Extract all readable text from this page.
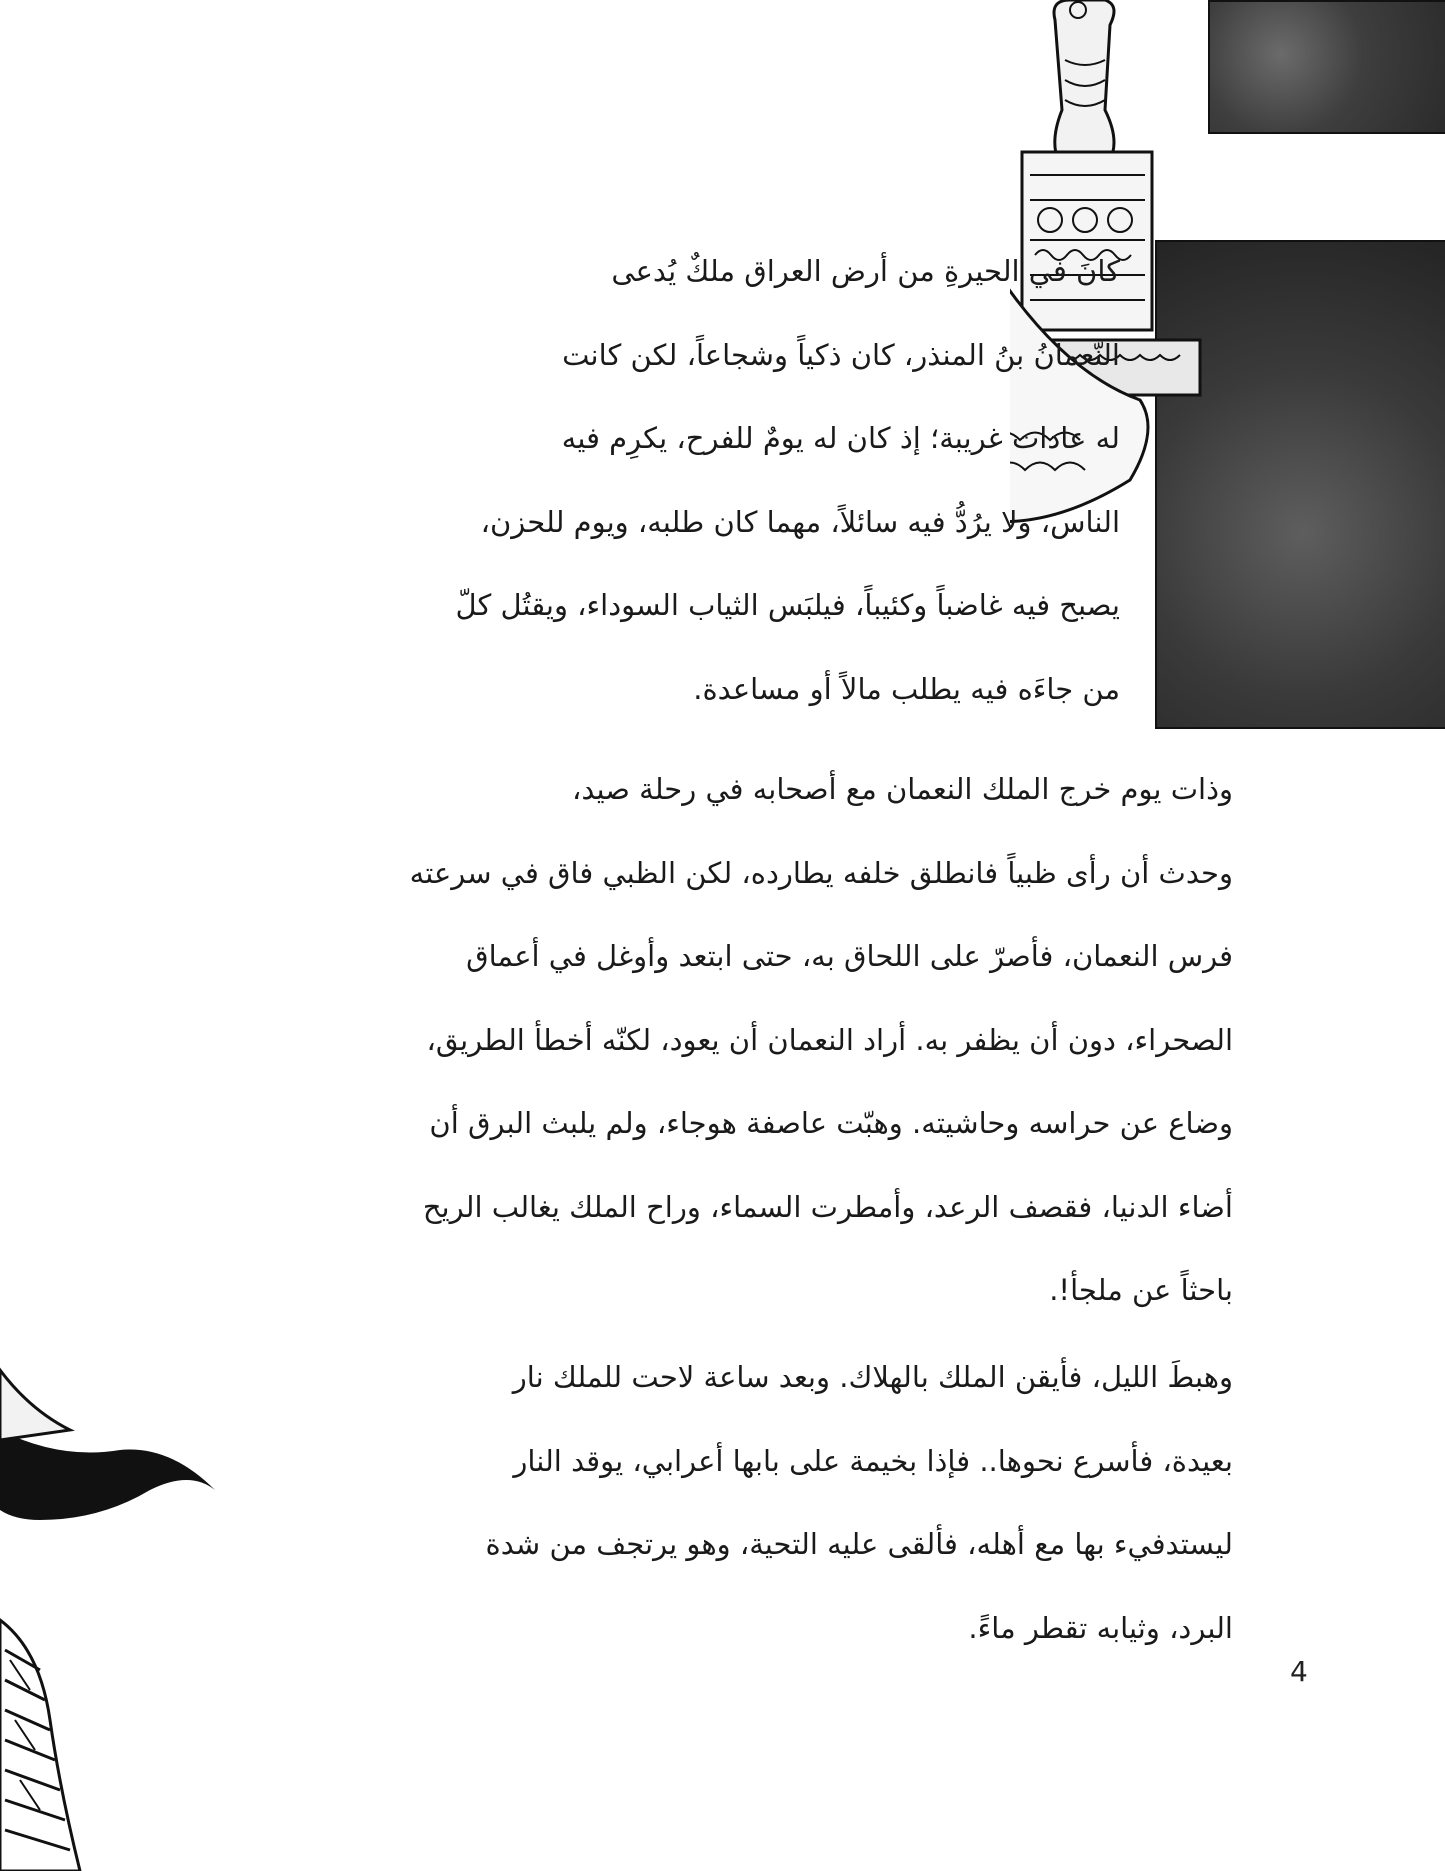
كانَ في الحيرةِ من أرض العراق ملكٌ يُدعى
النّعمانُ بنُ المنذر، كان ذكياً وشجاعاً، لكن كانت
له عادات غريبة؛ إذ كان له يومٌ للفرح، يكرِم فيه
الناس، ولا يرُدُّ فيه سائلاً، مهما كان طلبه، ويوم للحزن،
يصبح فيه غاضباً وكئيباً، فيلبَس الثياب السوداء، ويقتُل كلّ
من جاءَه فيه يطلب مالاً أو مساعدة.

وذات يوم خرج الملك النعمان مع أصحابه في رحلة صيد،
وحدث أن رأى ظبياً فانطلق خلفه يطارده، لكن الظبي فاق في سرعته
فرس النعمان، فأصرّ على اللحاق به، حتى ابتعد وأوغل في أعماق
الصحراء، دون أن يظفر به. أراد النعمان أن يعود، لكنّه أخطأ الطريق،
وضاع عن حراسه وحاشيته. وهبّت عاصفة هوجاء، ولم يلبث البرق أن
أضاء الدنيا، فقصف الرعد، وأمطرت السماء، وراح الملك يغالب الريح
باحثاً عن ملجأ!.

وهبطَ الليل، فأيقن الملك بالهلاك. وبعد ساعة لاحت للملك نار
بعيدة، فأسرع نحوها.. فإذا بخيمة على بابها أعرابي، يوقد النار
ليستدفيء بها مع أهله، فألقى عليه التحية، وهو يرتجف من شدة
البرد، وثيابه تقطر ماءً.

4
